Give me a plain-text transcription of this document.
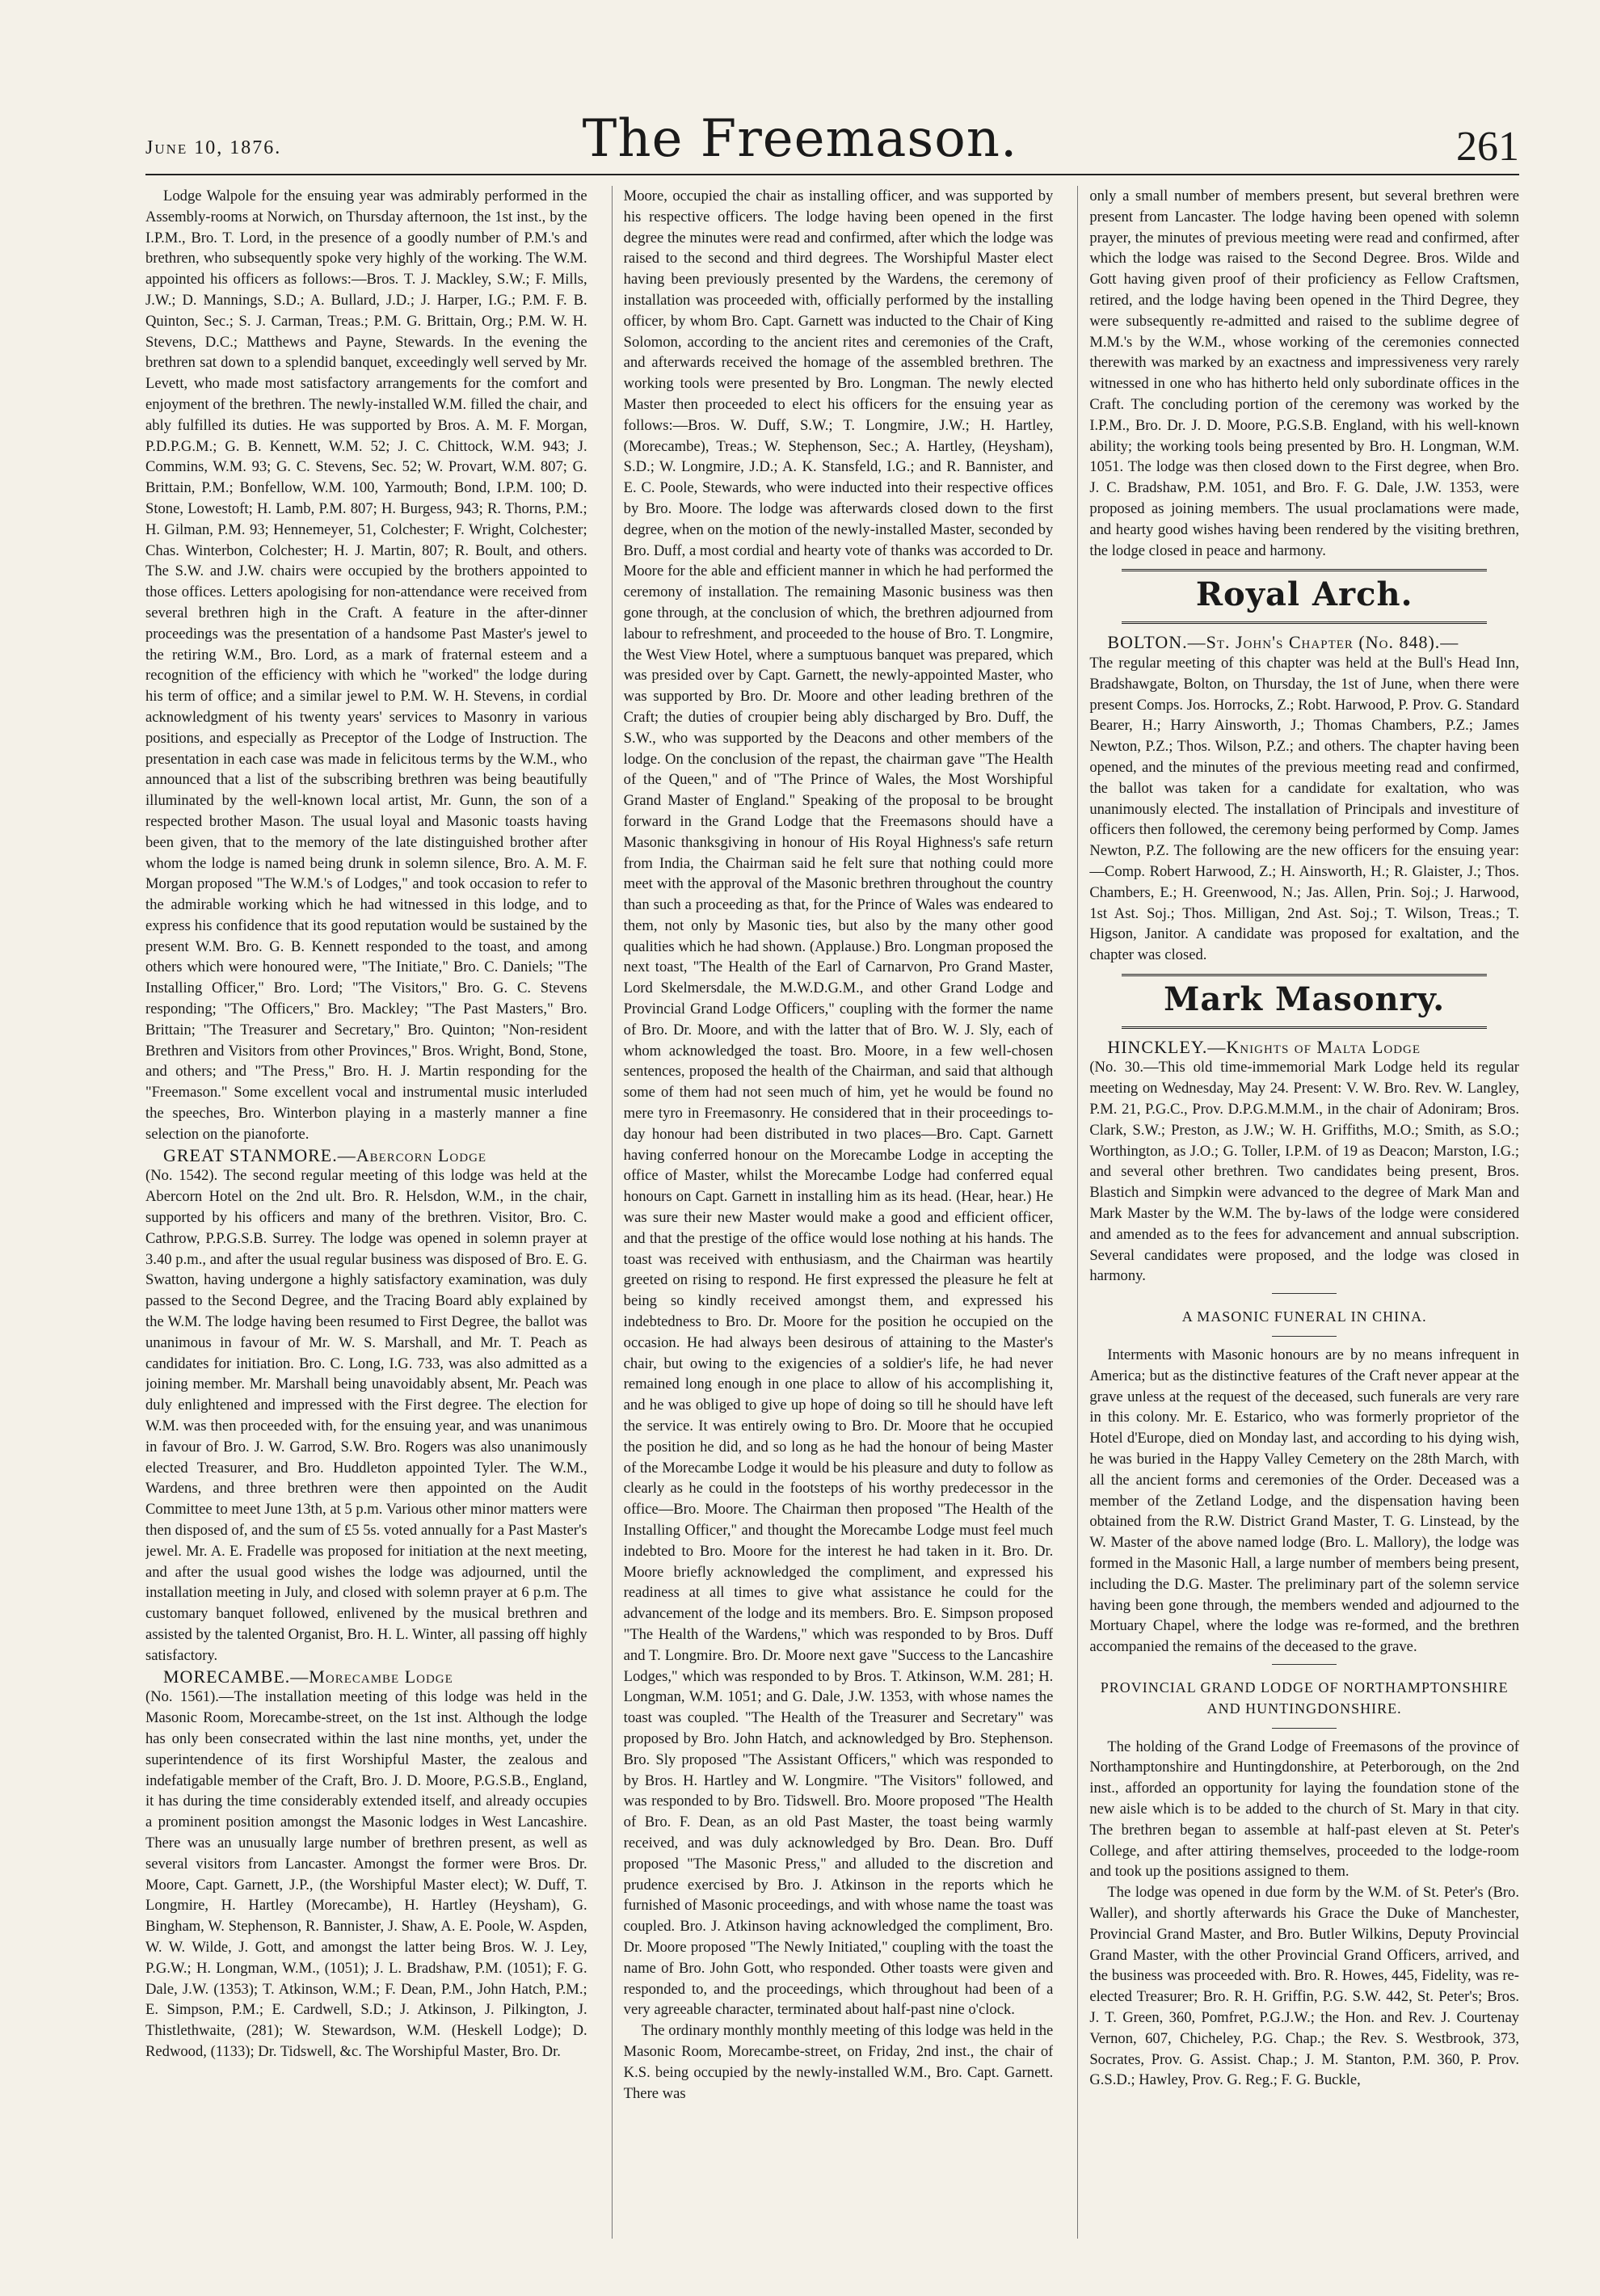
June 10, 1876.	The Freemason.	261

Lodge Walpole for the ensuing year was admirably performed in the Assembly-rooms at Norwich, on Thursday afternoon, the 1st inst., by the I.P.M., Bro. T. Lord, in the presence of a goodly number of P.M.'s and brethren, who subsequently spoke very highly of the working. The W.M. appointed his officers as follows:—Bros. T. J. Mackley, S.W.; F. Mills, J.W.; D. Mannings, S.D.; A. Bullard, J.D.; J. Harper, I.G.; P.M. F. B. Quinton, Sec.; S. J. Carman, Treas.; P.M. G. Brittain, Org.; P.M. W. H. Stevens, D.C.; Matthews and Payne, Stewards. In the evening the brethren sat down to a splendid banquet, exceedingly well served by Mr. Levett, who made most satisfactory arrangements for the comfort and enjoyment of the brethren. The newly-installed W.M. filled the chair, and ably fulfilled its duties. He was supported by Bros. A. M. F. Morgan, P.D.P.G.M.; G. B. Kennett, W.M. 52; J. C. Chittock, W.M. 943; J. Commins, W.M. 93; G. C. Stevens, Sec. 52; W. Provart, W.M. 807; G. Brittain, P.M.; Bonfellow, W.M. 100, Yarmouth; Bond, I.P.M. 100; D. Stone, Lowestoft; H. Lamb, P.M. 807; H. Burgess, 943; R. Thorns, P.M.; H. Gilman, P.M. 93; Hennemeyer, 51, Colchester; F. Wright, Colchester; Chas. Winterbon, Colchester; H. J. Martin, 807; R. Boult, and others. The S.W. and J.W. chairs were occupied by the brothers appointed to those offices. Letters apologising for non-attendance were received from several brethren high in the Craft. A feature in the after-dinner proceedings was the presentation of a handsome Past Master's jewel to the retiring W.M., Bro. Lord, as a mark of fraternal esteem and a recognition of the efficiency with which he "worked" the lodge during his term of office; and a similar jewel to P.M. W. H. Stevens, in cordial acknowledgment of his twenty years' services to Masonry in various positions, and especially as Preceptor of the Lodge of Instruction. The presentation in each case was made in felicitous terms by the W.M., who announced that a list of the subscribing brethren was being beautifully illuminated by the well-known local artist, Mr. Gunn, the son of a respected brother Mason. The usual loyal and Masonic toasts having been given, that to the memory of the late distinguished brother after whom the lodge is named being drunk in solemn silence, Bro. A. M. F. Morgan proposed "The W.M.'s of Lodges," and took occasion to refer to the admirable working which he had witnessed in this lodge, and to express his confidence that its good reputation would be sustained by the present W.M. Bro. G. B. Kennett responded to the toast, and among others which were honoured were, "The Initiate," Bro. C. Daniels; "The Installing Officer," Bro. Lord; "The Visitors," Bro. G. C. Stevens responding; "The Officers," Bro. Mackley; "The Past Masters," Bro. Brittain; "The Treasurer and Secretary," Bro. Quinton; "Non-resident Brethren and Visitors from other Provinces," Bros. Wright, Bond, Stone, and others; and "The Press," Bro. H. J. Martin responding for the "Freemason." Some excellent vocal and instrumental music interluded the speeches, Bro. Winterbon playing in a masterly manner a fine selection on the pianoforte.

GREAT STANMORE.—Abercorn Lodge

(No. 1542). The second regular meeting of this lodge was held at the Abercorn Hotel on the 2nd ult. Bro. R. Helsdon, W.M., in the chair, supported by his officers and many of the brethren. Visitor, Bro. C. Cathrow, P.P.G.S.B. Surrey. The lodge was opened in solemn prayer at 3.40 p.m., and after the usual regular business was disposed of Bro. E. G. Swatton, having undergone a highly satisfactory examination, was duly passed to the Second Degree, and the Tracing Board ably explained by the W.M. The lodge having been resumed to First Degree, the ballot was unanimous in favour of Mr. W. S. Marshall, and Mr. T. Peach as candidates for initiation. Bro. C. Long, I.G. 733, was also admitted as a joining member. Mr. Marshall being unavoidably absent, Mr. Peach was duly enlightened and impressed with the First degree. The election for W.M. was then proceeded with, for the ensuing year, and was unanimous in favour of Bro. J. W. Garrod, S.W. Bro. Rogers was also unanimously elected Treasurer, and Bro. Huddleton appointed Tyler. The W.M., Wardens, and three brethren were then appointed on the Audit Committee to meet June 13th, at 5 p.m. Various other minor matters were then disposed of, and the sum of £5 5s. voted annually for a Past Master's jewel. Mr. A. E. Fradelle was proposed for initiation at the next meeting, and after the usual good wishes the lodge was adjourned, until the installation meeting in July, and closed with solemn prayer at 6 p.m. The customary banquet followed, enlivened by the musical brethren and assisted by the talented Organist, Bro. H. L. Winter, all passing off highly satisfactory.

MORECAMBE.—Morecambe Lodge

(No. 1561).—The installation meeting of this lodge was held in the Masonic Room, Morecambe-street, on the 1st inst. Although the lodge has only been consecrated within the last nine months, yet, under the superintendence of its first Worshipful Master, the zealous and indefatigable member of the Craft, Bro. J. D. Moore, P.G.S.B., England, it has during the time considerably extended itself, and already occupies a prominent position amongst the Masonic lodges in West Lancashire. There was an unusually large number of brethren present, as well as several visitors from Lancaster. Amongst the former were Bros. Dr. Moore, Capt. Garnett, J.P., (the Worshipful Master elect); W. Duff, T. Longmire, H. Hartley (Morecambe), H. Hartley (Heysham), G. Bingham, W. Stephenson, R. Bannister, J. Shaw, A. E. Poole, W. Aspden, W. W. Wilde, J. Gott, and amongst the latter being Bros. W. J. Ley, P.G.W.; H. Longman, W.M., (1051); J. L. Bradshaw, P.M. (1051); F. G. Dale, J.W. (1353); T. Atkinson, W.M.; F. Dean, P.M., John Hatch, P.M.; E. Simpson, P.M.; E. Cardwell, S.D.; J. Atkinson, J. Pilkington, J. Thistlethwaite, (281); W. Stewardson, W.M. (Heskell Lodge); D. Redwood, (1133); Dr. Tidswell, &c. The Worshipful Master, Bro. Dr.

Moore, occupied the chair as installing officer, and was supported by his respective officers. The lodge having been opened in the first degree the minutes were read and confirmed, after which the lodge was raised to the second and third degrees. The Worshipful Master elect having been previously presented by the Wardens, the ceremony of installation was proceeded with, officially performed by the installing officer, by whom Bro. Capt. Garnett was inducted to the Chair of King Solomon, according to the ancient rites and ceremonies of the Craft, and afterwards received the homage of the assembled brethren. The working tools were presented by Bro. Longman. The newly elected Master then proceeded to elect his officers for the ensuing year as follows:—Bros. W. Duff, S.W.; T. Longmire, J.W.; H. Hartley, (Morecambe), Treas.; W. Stephenson, Sec.; A. Hartley, (Heysham), S.D.; W. Longmire, J.D.; A. K. Stansfeld, I.G.; and R. Bannister, and E. C. Poole, Stewards, who were inducted into their respective offices by Bro. Moore. The lodge was afterwards closed down to the first degree, when on the motion of the newly-installed Master, seconded by Bro. Duff, a most cordial and hearty vote of thanks was accorded to Dr. Moore for the able and efficient manner in which he had performed the ceremony of installation. The remaining Masonic business was then gone through, at the conclusion of which, the brethren adjourned from labour to refreshment, and proceeded to the house of Bro. T. Longmire, the West View Hotel, where a sumptuous banquet was prepared, which was presided over by Capt. Garnett, the newly-appointed Master, who was supported by Bro. Dr. Moore and other leading brethren of the Craft; the duties of croupier being ably discharged by Bro. Duff, the S.W., who was supported by the Deacons and other members of the lodge. On the conclusion of the repast, the chairman gave "The Health of the Queen," and of "The Prince of Wales, the Most Worshipful Grand Master of England." Speaking of the proposal to be brought forward in the Grand Lodge that the Freemasons should have a Masonic thanksgiving in honour of His Royal Highness's safe return from India, the Chairman said he felt sure that nothing could more meet with the approval of the Masonic brethren throughout the country than such a proceeding as that, for the Prince of Wales was endeared to them, not only by Masonic ties, but also by the many other good qualities which he had shown. (Applause.) Bro. Longman proposed the next toast, "The Health of the Earl of Carnarvon, Pro Grand Master, Lord Skelmersdale, the M.W.D.G.M., and other Grand Lodge and Provincial Grand Lodge Officers," coupling with the former the name of Bro. Dr. Moore, and with the latter that of Bro. W. J. Sly, each of whom acknowledged the toast. Bro. Moore, in a few well-chosen sentences, proposed the health of the Chairman, and said that although some of them had not seen much of him, yet he would be found no mere tyro in Freemasonry. He considered that in their proceedings to-day honour had been distributed in two places—Bro. Capt. Garnett having conferred honour on the Morecambe Lodge in accepting the office of Master, whilst the Morecambe Lodge had conferred equal honours on Capt. Garnett in installing him as its head. (Hear, hear.) He was sure their new Master would make a good and efficient officer, and that the prestige of the office would lose nothing at his hands. The toast was received with enthusiasm, and the Chairman was heartily greeted on rising to respond. He first expressed the pleasure he felt at being so kindly received amongst them, and expressed his indebtedness to Bro. Dr. Moore for the position he occupied on the occasion. He had always been desirous of attaining to the Master's chair, but owing to the exigencies of a soldier's life, he had never remained long enough in one place to allow of his accomplishing it, and he was obliged to give up hope of doing so till he should have left the service. It was entirely owing to Bro. Dr. Moore that he occupied the position he did, and so long as he had the honour of being Master of the Morecambe Lodge it would be his pleasure and duty to follow as clearly as he could in the footsteps of his worthy predecessor in the office—Bro. Moore. The Chairman then proposed "The Health of the Installing Officer," and thought the Morecambe Lodge must feel much indebted to Bro. Moore for the interest he had taken in it. Bro. Dr. Moore briefly acknowledged the compliment, and expressed his readiness at all times to give what assistance he could for the advancement of the lodge and its members. Bro. E. Simpson proposed "The Health of the Wardens," which was responded to by Bros. Duff and T. Longmire. Bro. Dr. Moore next gave "Success to the Lancashire Lodges," which was responded to by Bros. T. Atkinson, W.M. 281; H. Longman, W.M. 1051; and G. Dale, J.W. 1353, with whose names the toast was coupled. "The Health of the Treasurer and Secretary" was proposed by Bro. John Hatch, and acknowledged by Bro. Stephenson. Bro. Sly proposed "The Assistant Officers," which was responded to by Bros. H. Hartley and W. Longmire. "The Visitors" followed, and was responded to by Bro. Tidswell. Bro. Moore proposed "The Health of Bro. F. Dean, as an old Past Master, the toast being warmly received, and was duly acknowledged by Bro. Dean. Bro. Duff proposed "The Masonic Press," and alluded to the discretion and prudence exercised by Bro. J. Atkinson in the reports which he furnished of Masonic proceedings, and with whose name the toast was coupled. Bro. J. Atkinson having acknowledged the compliment, Bro. Dr. Moore proposed "The Newly Initiated," coupling with the toast the name of Bro. John Gott, who responded. Other toasts were given and responded to, and the proceedings, which throughout had been of a very agreeable character, terminated about half-past nine o'clock.

The ordinary monthly monthly meeting of this lodge was held in the Masonic Room, Morecambe-street, on Friday, 2nd inst., the chair of K.S. being occupied by the newly-installed W.M., Bro. Capt. Garnett. There was

only a small number of members present, but several brethren were present from Lancaster. The lodge having been opened with solemn prayer, the minutes of previous meeting were read and confirmed, after which the lodge was raised to the Second Degree. Bros. Wilde and Gott having given proof of their proficiency as Fellow Craftsmen, retired, and the lodge having been opened in the Third Degree, they were subsequently re-admitted and raised to the sublime degree of M.M.'s by the W.M., whose working of the ceremonies connected therewith was marked by an exactness and impressiveness very rarely witnessed in one who has hitherto held only subordinate offices in the Craft. The concluding portion of the ceremony was worked by the I.P.M., Bro. Dr. J. D. Moore, P.G.S.B. England, with his well-known ability; the working tools being presented by Bro. H. Longman, W.M. 1051. The lodge was then closed down to the First degree, when Bro. J. C. Bradshaw, P.M. 1051, and Bro. F. G. Dale, J.W. 1353, were proposed as joining members. The usual proclamations were made, and hearty good wishes having been rendered by the visiting brethren, the lodge closed in peace and harmony.

Royal Arch.

BOLTON.—St. John's Chapter (No. 848).—

The regular meeting of this chapter was held at the Bull's Head Inn, Bradshawgate, Bolton, on Thursday, the 1st of June, when there were present Comps. Jos. Horrocks, Z.; Robt. Harwood, P. Prov. G. Standard Bearer, H.; Harry Ainsworth, J.; Thomas Chambers, P.Z.; James Newton, P.Z.; Thos. Wilson, P.Z.; and others. The chapter having been opened, and the minutes of the previous meeting read and confirmed, the ballot was taken for a candidate for exaltation, who was unanimously elected. The installation of Principals and investiture of officers then followed, the ceremony being performed by Comp. James Newton, P.Z. The following are the new officers for the ensuing year:—Comp. Robert Harwood, Z.; H. Ainsworth, H.; R. Glaister, J.; Thos. Chambers, E.; H. Greenwood, N.; Jas. Allen, Prin. Soj.; J. Harwood, 1st Ast. Soj.; Thos. Milligan, 2nd Ast. Soj.; T. Wilson, Treas.; T. Higson, Janitor. A candidate was proposed for exaltation, and the chapter was closed.

Mark Masonry.

HINCKLEY.—Knights of Malta Lodge

(No. 30.—This old time-immemorial Mark Lodge held its regular meeting on Wednesday, May 24. Present: V. W. Bro. Rev. W. Langley, P.M. 21, P.G.C., Prov. D.P.G.M.M.M., in the chair of Adoniram; Bros. Clark, S.W.; Preston, as J.W.; W. H. Griffiths, M.O.; Smith, as S.O.; Worthington, as J.O.; G. Toller, I.P.M. of 19 as Deacon; Marston, I.G.; and several other brethren. Two candidates being present, Bros. Blastich and Simpkin were advanced to the degree of Mark Man and Mark Master by the W.M. The by-laws of the lodge were considered and amended as to the fees for advancement and annual subscription. Several candidates were proposed, and the lodge was closed in harmony.

A MASONIC FUNERAL IN CHINA.

Interments with Masonic honours are by no means infrequent in America; but as the distinctive features of the Craft never appear at the grave unless at the request of the deceased, such funerals are very rare in this colony. Mr. E. Estarico, who was formerly proprietor of the Hotel d'Europe, died on Monday last, and according to his dying wish, he was buried in the Happy Valley Cemetery on the 28th March, with all the ancient forms and ceremonies of the Order. Deceased was a member of the Zetland Lodge, and the dispensation having been obtained from the R.W. District Grand Master, T. G. Linstead, by the W. Master of the above named lodge (Bro. L. Mallory), the lodge was formed in the Masonic Hall, a large number of members being present, including the D.G. Master. The preliminary part of the solemn service having been gone through, the members wended and adjourned to the Mortuary Chapel, where the lodge was re-formed, and the brethren accompanied the remains of the deceased to the grave.

PROVINCIAL GRAND LODGE OF NORTHAMPTONSHIRE AND HUNTINGDONSHIRE.

The holding of the Grand Lodge of Freemasons of the province of Northamptonshire and Huntingdonshire, at Peterborough, on the 2nd inst., afforded an opportunity for laying the foundation stone of the new aisle which is to be added to the church of St. Mary in that city. The brethren began to assemble at half-past eleven at St. Peter's College, and after attiring themselves, proceeded to the lodge-room and took up the positions assigned to them.

The lodge was opened in due form by the W.M. of St. Peter's (Bro. Waller), and shortly afterwards his Grace the Duke of Manchester, Provincial Grand Master, and Bro. Butler Wilkins, Deputy Provincial Grand Master, with the other Provincial Grand Officers, arrived, and the business was proceeded with. Bro. R. Howes, 445, Fidelity, was re-elected Treasurer; Bro. R. H. Griffin, P.G. S.W. 442, St. Peter's; Bros. J. T. Green, 360, Pomfret, P.G.J.W.; the Hon. and Rev. J. Courtenay Vernon, 607, Chicheley, P.G. Chap.; the Rev. S. Westbrook, 373, Socrates, Prov. G. Assist. Chap.; J. M. Stanton, P.M. 360, P. Prov. G.S.D.; Hawley, Prov. G. Reg.; F. G. Buckle,
